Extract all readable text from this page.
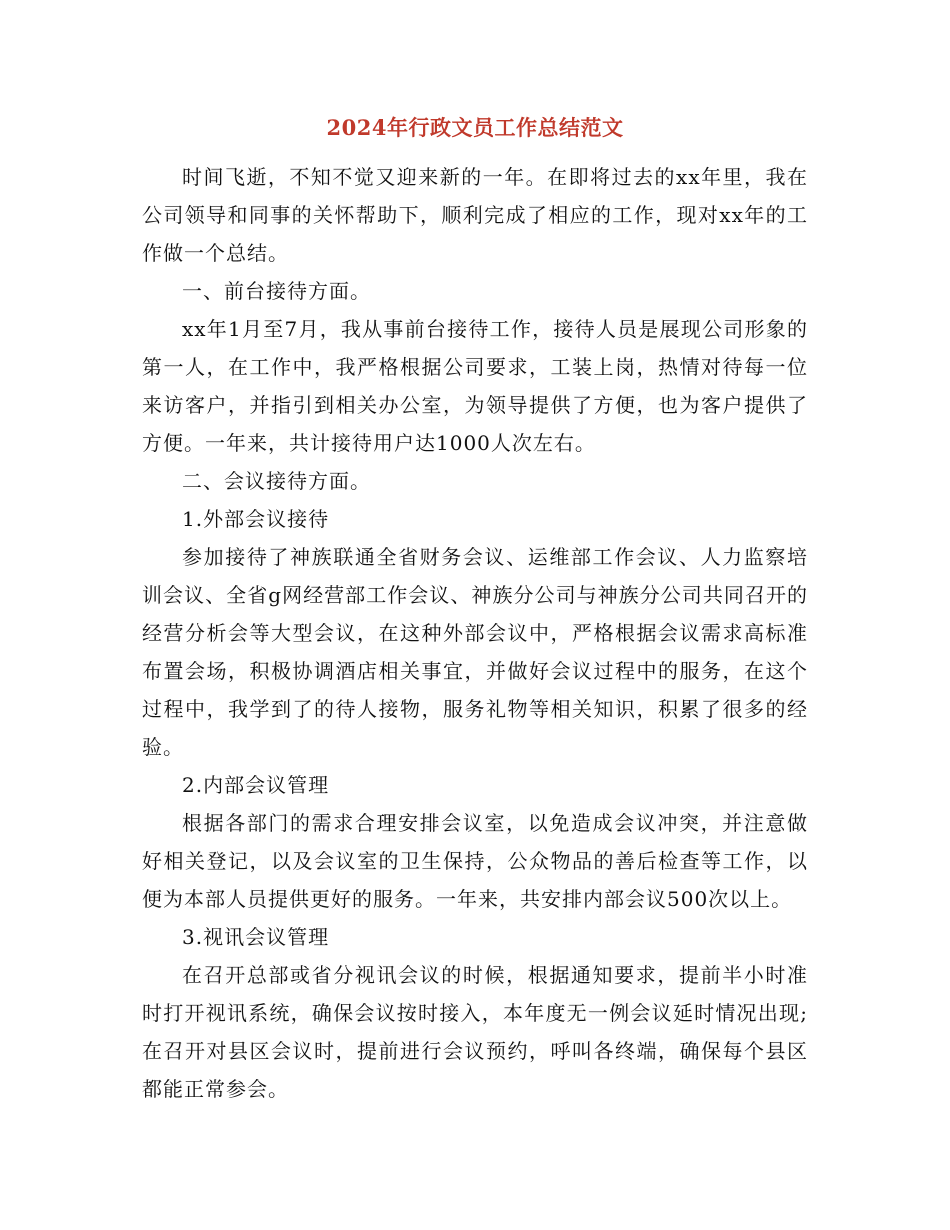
2024年行政文员工作总结范文

时间飞逝，不知不觉又迎来新的一年。在即将过去的xx年里，我在公司领导和同事的关怀帮助下，顺利完成了相应的工作，现对xx年的工作做一个总结。

一、前台接待方面。

xx年1月至7月，我从事前台接待工作，接待人员是展现公司形象的第一人，在工作中，我严格根据公司要求，工装上岗，热情对待每一位来访客户，并指引到相关办公室，为领导提供了方便，也为客户提供了方便。一年来，共计接待用户达1000人次左右。

二、会议接待方面。

1.外部会议接待

参加接待了神族联通全省财务会议、运维部工作会议、人力监察培训会议、全省g网经营部工作会议、神族分公司与神族分公司共同召开的经营分析会等大型会议，在这种外部会议中，严格根据会议需求高标准布置会场，积极协调酒店相关事宜，并做好会议过程中的服务，在这个过程中，我学到了的待人接物，服务礼物等相关知识，积累了很多的经验。

2.内部会议管理

根据各部门的需求合理安排会议室，以免造成会议冲突，并注意做好相关登记，以及会议室的卫生保持，公众物品的善后检查等工作，以便为本部人员提供更好的服务。一年来，共安排内部会议500次以上。

3.视讯会议管理

在召开总部或省分视讯会议的时候，根据通知要求，提前半小时准时打开视讯系统，确保会议按时接入，本年度无一例会议延时情况出现;在召开对县区会议时，提前进行会议预约，呼叫各终端，确保每个县区都能正常参会。
